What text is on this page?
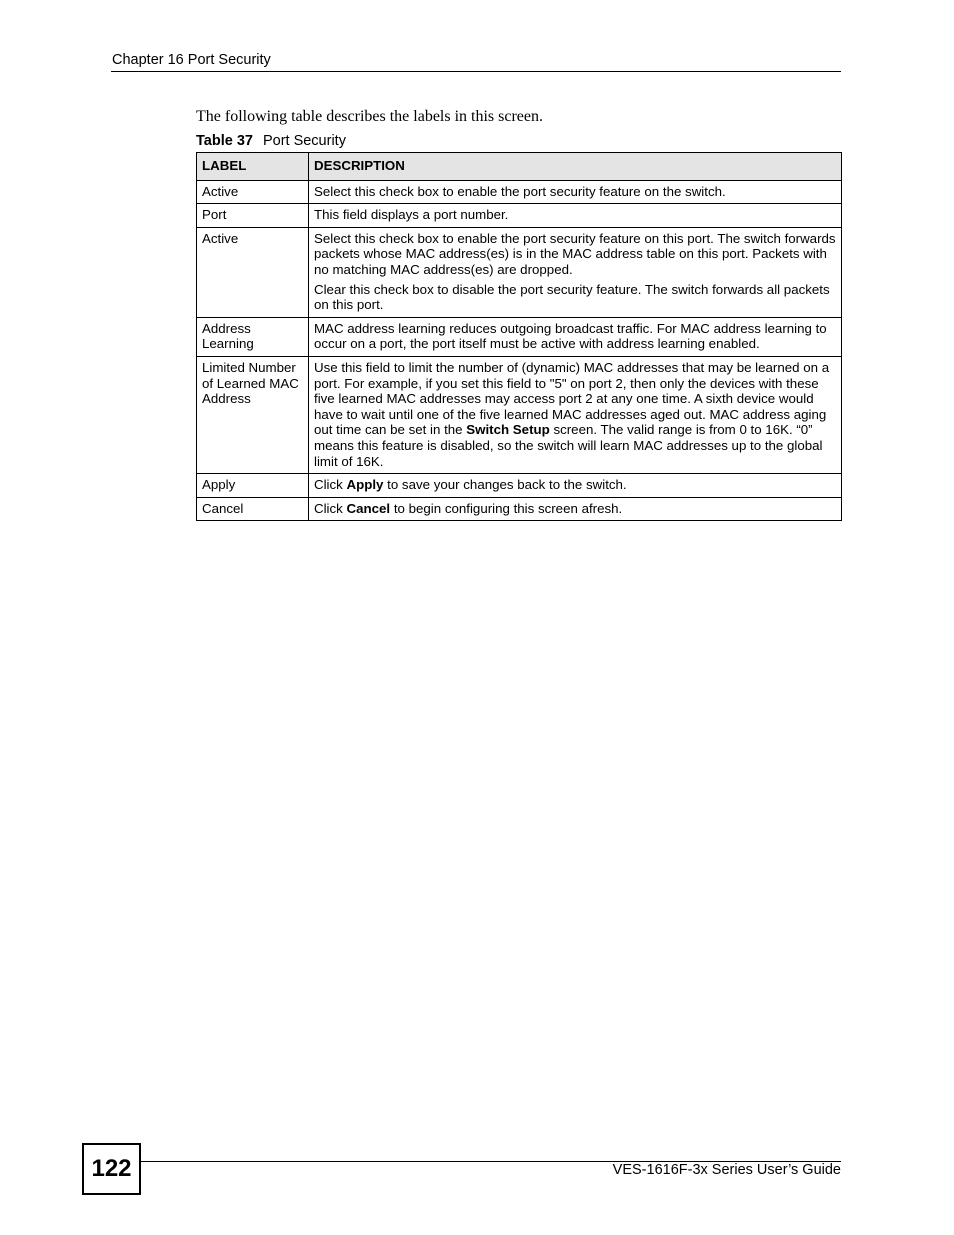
Chapter 16 Port Security
The following table describes the labels in this screen.
Table 37 Port Security
LABEL	DESCRIPTION
Active	Select this check box to enable the port security feature on the switch.

Port	This field displays a port number.

Active	Select this check box to enable the port security feature on this port. The switch forwards packets whose MAC address(es) is in the MAC address table on this port. Packets with no matching MAC address(es) are dropped.

Clear this check box to disable the port security feature. The switch forwards all packets on this port.

Address Learning	MAC address learning reduces outgoing broadcast traffic. For MAC address learning to occur on a port, the port itself must be active with address learning enabled.

Limited Number of Learned MAC Address	Use this field to limit the number of (dynamic) MAC addresses that may be learned on a port. For example, if you set this field to "5" on port 2, then only the devices with these five learned MAC addresses may access port 2 at any one time. A sixth device would have to wait until one of the five learned MAC addresses aged out. MAC address aging out time can be set in the Switch Setup screen. The valid range is from 0 to 16K. “0” means this feature is disabled, so the switch will learn MAC addresses up to the global limit of 16K.

Apply	Click Apply to save your changes back to the switch.

Cancel	Click Cancel to begin configuring this screen afresh.

122	VES-1616F-3x Series User’s Guide
